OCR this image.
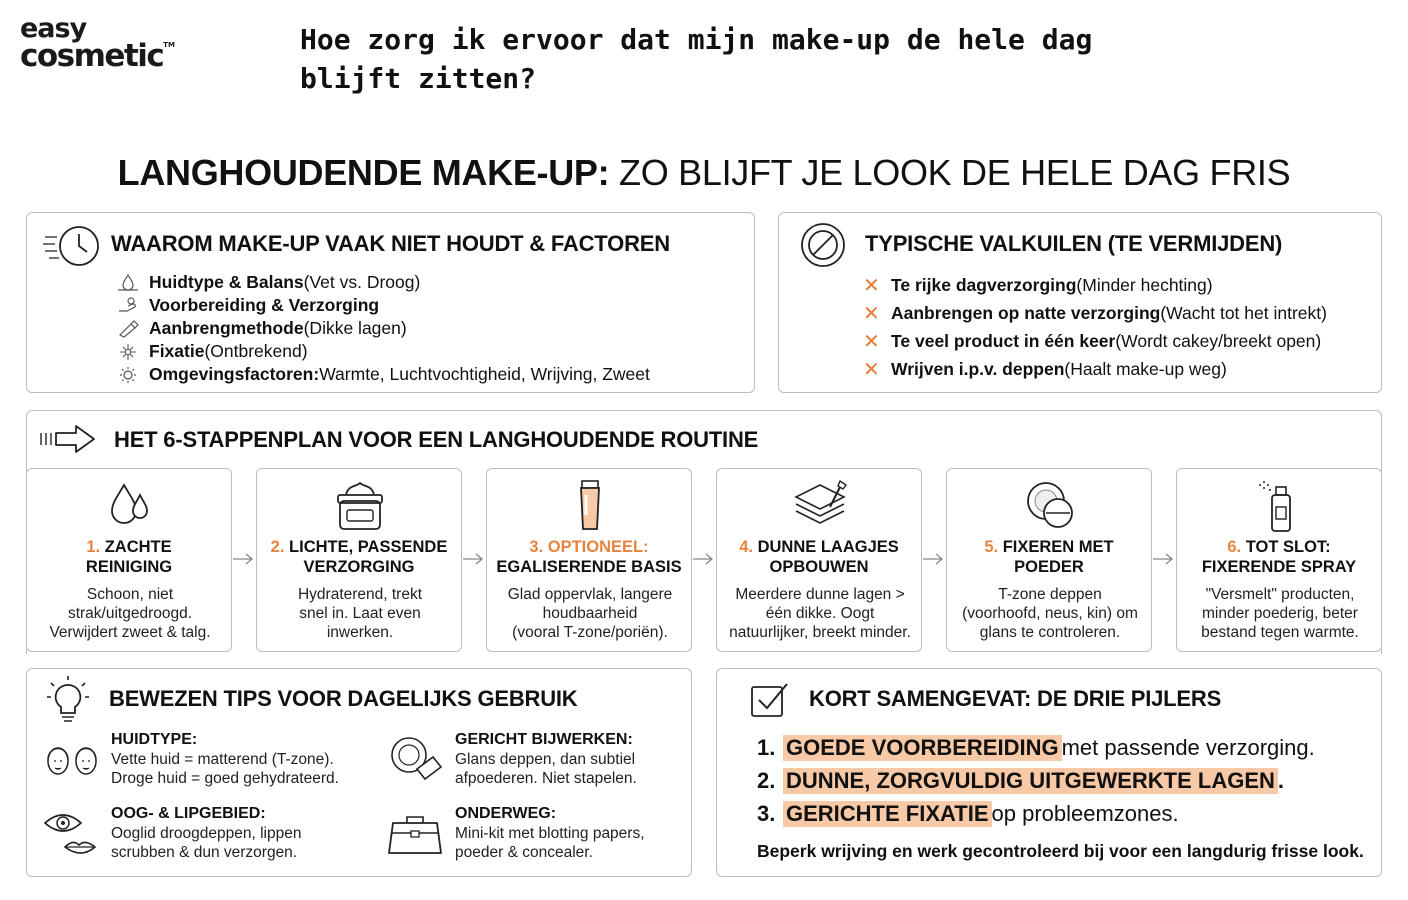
easy
cosmetic™	Hoe zorg ik ervoor dat mijn make-up de hele dag blijft zitten?
LANGHOUDENDE MAKE-UP: ZO BLIJFT JE LOOK DE HELE DAG FRIS
WAAROM MAKE-UP VAAK NIET HOUDT & FACTOREN
Huidtype & Balans (Vet vs. Droog)
Voorbereiding & Verzorging
Aanbrengmethode (Dikke lagen)
Fixatie (Ontbrekend)
Omgevingsfactoren: Warmte, Luchtvochtigheid, Wrijving, Zweet
TYPISCHE VALKUILEN (TE VERMIJDEN)
✕ Te rijke dagverzorging (Minder hechting)
✕ Aanbrengen op natte verzorging (Wacht tot het intrekt)
✕ Te veel product in één keer (Wordt cakey/breekt open)
✕ Wrijven i.p.v. deppen (Haalt make-up weg)
HET 6-STAPPENPLAN VOOR EEN LANGHOUDENDE ROUTINE
1. ZACHTE
REINIGING
Schoon, niet
strak/uitgedroogd.
Verwijdert zweet & talg.
2. LICHTE, PASSENDE
VERZORGING
Hydraterend, trekt
snel in. Laat even
inwerken.
3. OPTIONEEL:
EGALISERENDE BASIS
Glad oppervlak, langere
houdbaarheid
(vooral T-zone/poriën).
4. DUNNE LAAGJES
OPBOUWEN
Meerdere dunne lagen >
één dikke. Oogt
natuurlijker, breekt minder.
5. FIXEREN MET
POEDER
T-zone deppen
(voorhoofd, neus, kin) om
glans te controleren.
6. TOT SLOT:
FIXERENDE SPRAY
"Versmelt" producten,
minder poederig, beter
bestand tegen warmte.
BEWEZEN TIPS VOOR DAGELIJKS GEBRUIK
HUIDTYPE:
Vette huid = matterend (T-zone).
Droge huid = goed gehydrateerd.
GERICHT BIJWERKEN:
Glans deppen, dan subtiel
afpoederen. Niet stapelen.
OOG- & LIPGEBIED:
Ooglid droogdeppen, lippen
scrubben & dun verzorgen.
ONDERWEG:
Mini-kit met blotting papers,
poeder & concealer.
KORT SAMENGEVAT: DE DRIE PIJLERS
1. GOEDE VOORBEREIDING met passende verzorging.
2. DUNNE, ZORGVULDIG UITGEWERKTE LAGEN .
3. GERICHTE FIXATIE op probleemzones.
Beperk wrijving en werk gecontroleerd bij voor een langdurig frisse look.
